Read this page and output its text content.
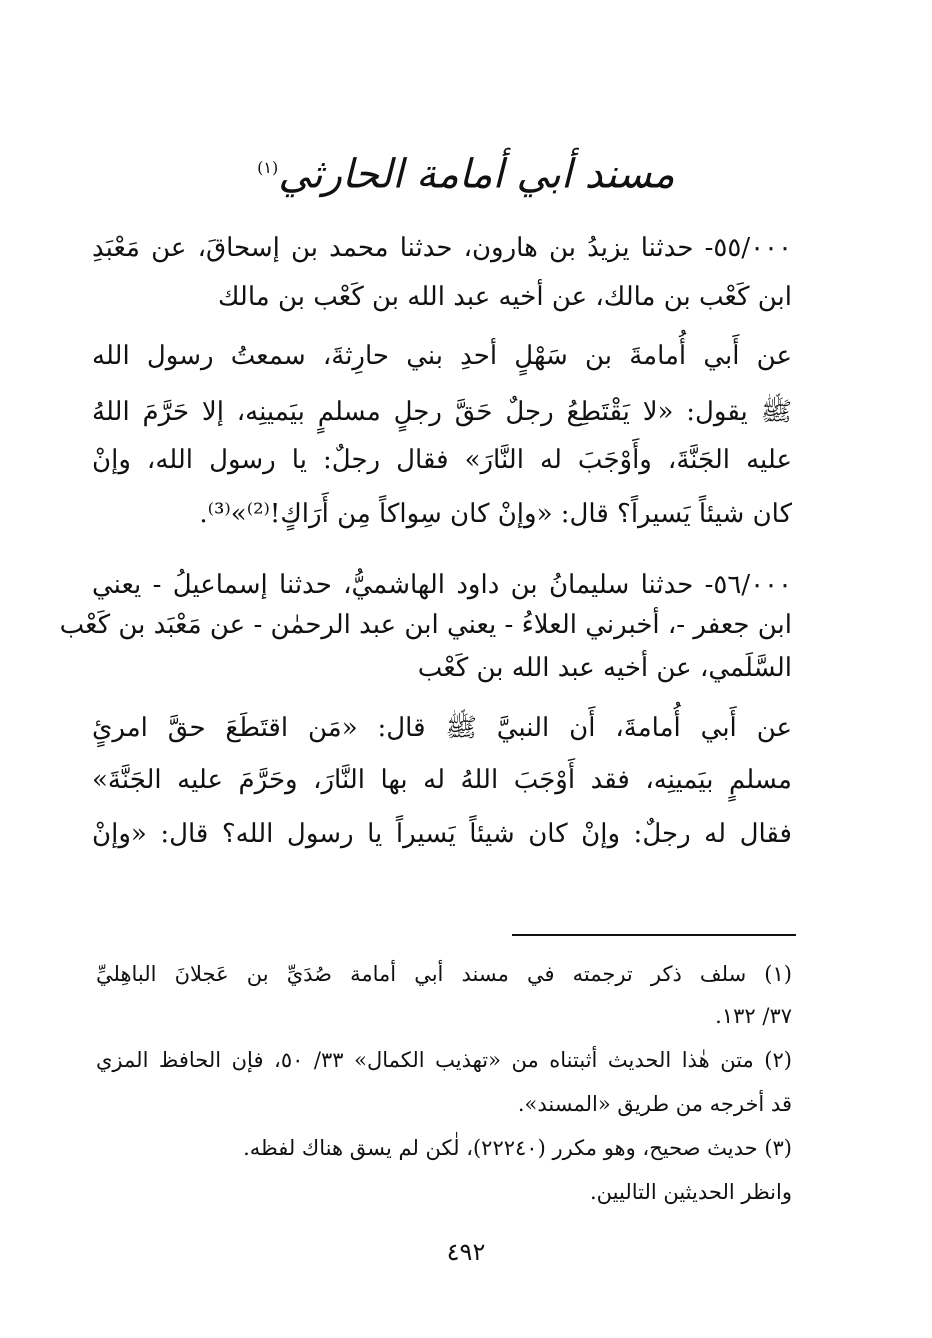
مسند أبي أمامة الحارثي$^{(١)}$
٥٥/٠٠٠- حدثنا يزيدُ بن هارون، حدثنا محمد بن إسحاقَ، عن مَعْبَدِ
ابن كَعْب بن مالك، عن أخيه عبد الله بن كَعْب بن مالك
عن أَبي أُمامةَ بن سَهْلٍ أحدِ بني حارِثةَ، سمعتُ رسول الله
ﷺ يقول: «لا يَقْتَطِعُ رجلٌ حَقَّ رجلٍ مسلمٍ بيَمينِه، إلا حَرَّمَ اللهُ
عليه الجَنَّةَ، وأَوْجَبَ له النَّارَ» فقال رجلٌ: يا رسول الله، وإنْ
كان شيئاً يَسيراً؟ قال: «وإنْ كان سِواكاً مِن أَرَاكٍ!⁽²⁾»⁽³⁾.
٥٦/٠٠٠- حدثنا سليمانُ بن داود الهاشميُّ، حدثنا إسماعيلُ - يعني
ابن جعفر -، أخبرني العلاءُ - يعني ابن عبد الرحمٰن - عن مَعْبَد بن كَعْب
السَّلَمي، عن أخيه عبد الله بن كَعْب
عن أَبي أُمامةَ، أَن النبيَّ ﷺ قال: «مَن اقتَطَعَ حقَّ امرئٍ
مسلمٍ بيَمينِه، فقد أَوْجَبَ اللهُ له بها النَّارَ، وحَرَّمَ عليه الجَنَّةَ»
فقال له رجلٌ: وإنْ كان شيئاً يَسيراً يا رسول الله؟ قال: «وإنْ
(١) سلف ذكر ترجمته في مسند أبي أمامة صُدَيِّ بن عَجلانَ الباهِليِّ
٣٧/ ١٣٢.
(٢) متن هٰذا الحديث أثبتناه من «تهذيب الكمال» ٣٣/ ٥٠، فإن الحافظ المزي
قد أخرجه من طريق «المسند».
(٣) حديث صحيح، وهو مكرر (٢٢٢٤٠)، لٰكن لم يسق هناك لفظه.
وانظر الحديثين التاليين.
٤٩٢
